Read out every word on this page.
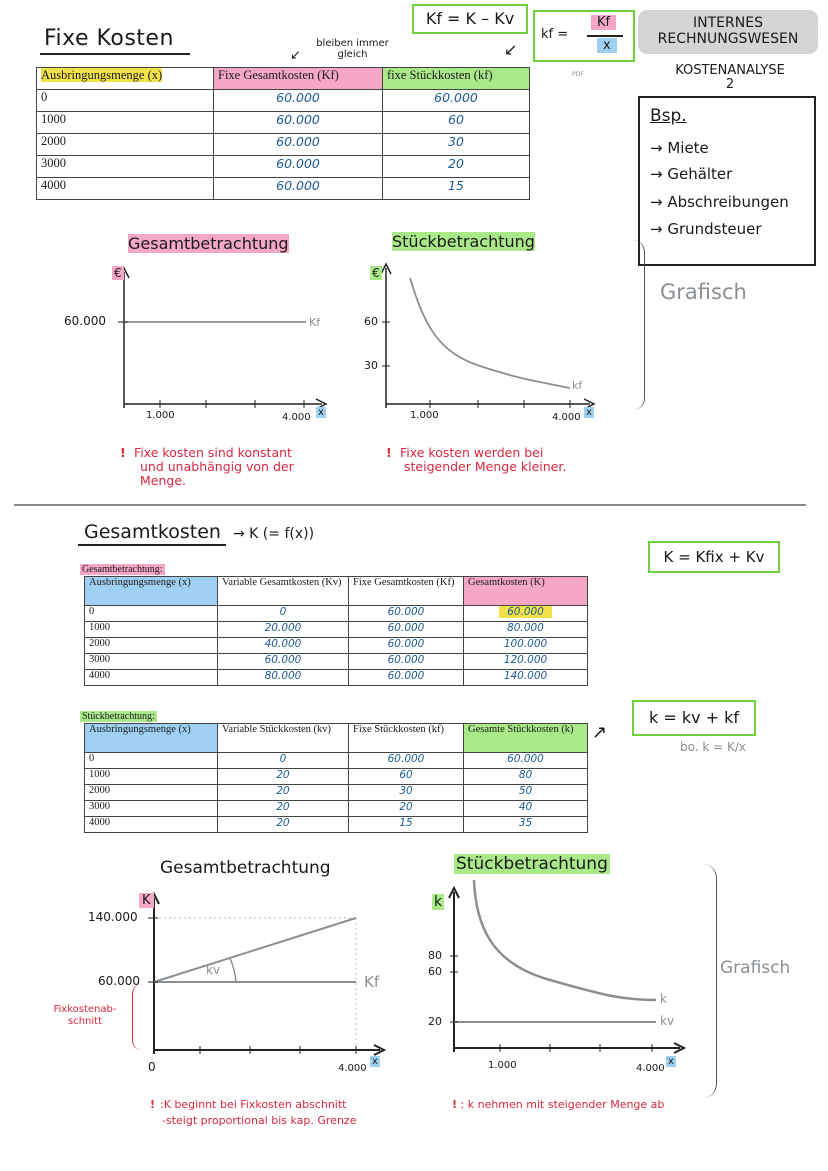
Fixe Kosten	bleiben immer gleich
↙
Kf = K – Kv
↙
kf =
Kf
x
INTERNES
RECHNUNGSWESEN
KOSTENANALYSE
2
PDF
Ausbringungsmenge (x)	Fixe Gesamtkosten (Kf)	fixe Stückkosten (kf)
0	60.000	60.000
1000	60.000	60
2000	60.000	30
3000	60.000	20
4000	60.000	15
Bsp.
→ Miete
→ Gehälter
→ Abschreibungen
→ Grundsteuer
Grafisch
Gesamtbetrachtung
€
60.000	Kf
1.000	4.000 x
! Fixe kosten sind konstant
und unabhängig von der
Menge.
Stückbetrachtung
€
60
30
kf
1.000	4.000 x
! Fixe kosten werden bei
steigender Menge kleiner.
Gesamtkosten → K (= f(x))
K = Kfix + Kv
Gesamtbetrachtung:
Ausbringungsmenge (x)	Variable Gesamtkosten (Kv)	Fixe Gesamtkosten (Kf)	Gesamtkosten (K)
0	0	60.000	60.000
1000	20.000	60.000	80.000
2000	40.000	60.000	100.000
3000	60.000	60.000	120.000
4000	80.000	60.000	140.000
Stückbetrachtung:
Ausbringungsmenge (x)	Variable Stückkosten (kv)	Fixe Stückkosten (kf)	Gesamte Stückkosten (k)
0	0	60.000	60.000
1000	20	60	80
2000	20	30	50
3000	20	20	40
4000	20	15	35
↗
k = kv + kf
bo. k = K/x
Gesamtbetrachtung
K
140.000
60.000
kv
Kf
0	4.000
x
Fixkostenab-
schnitt
! :K beginnt bei Fixkosten abschnitt
-steigt proportional bis kap. Grenze
Stückbetrachtung
k
80
60
20
k
kv
1.000	4.000
x
! : k nehmen mit steigender Menge ab
Grafisch
